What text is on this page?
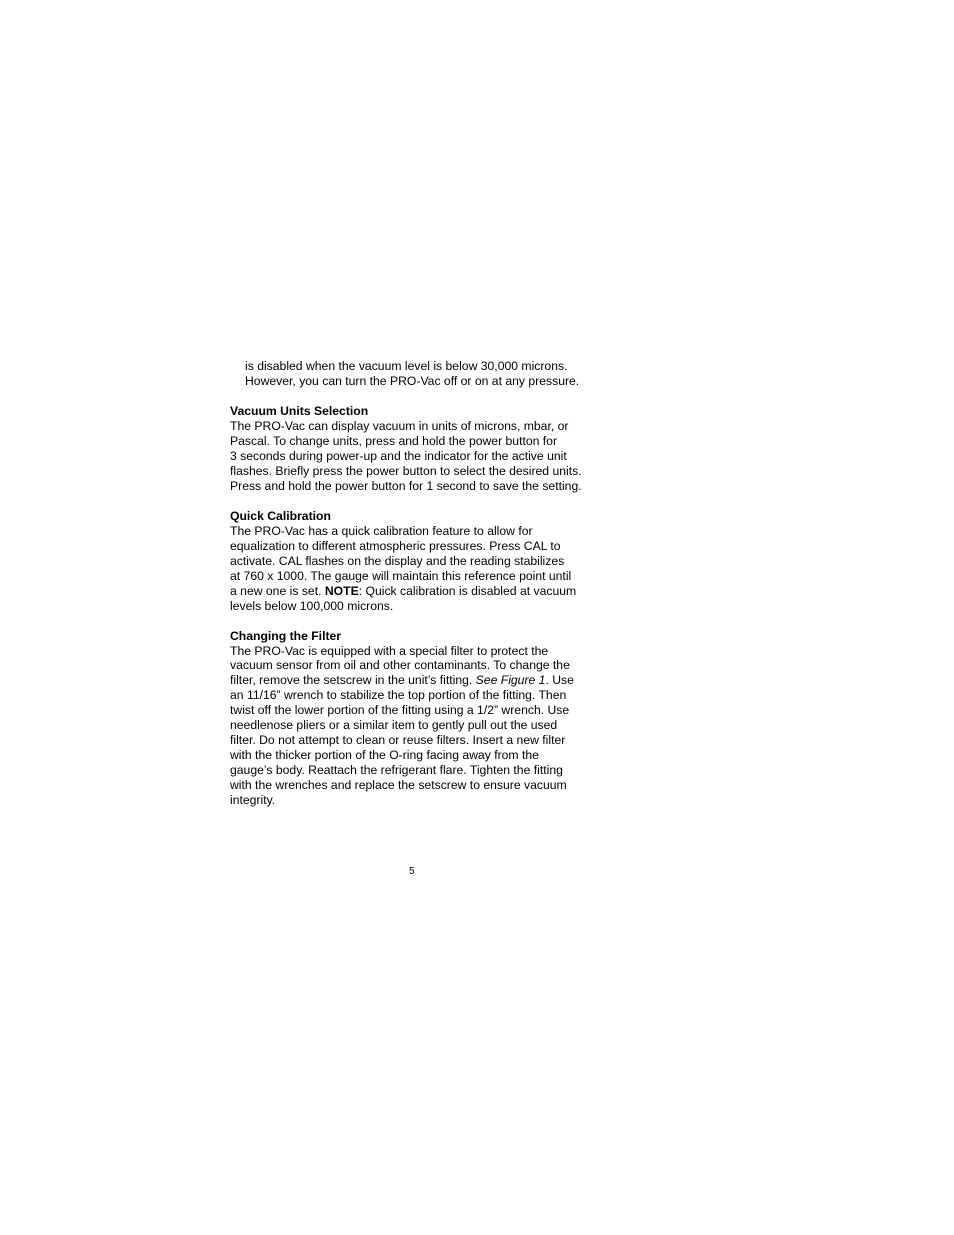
is disabled when the vacuum level is below 30,000 microns.
However, you can turn the PRO-Vac off or on at any pressure.
Vacuum Units Selection
The PRO-Vac can display vacuum in units of microns, mbar, or
Pascal. To change units, press and hold the power button for
3 seconds during power-up and the indicator for the active unit
flashes. Briefly press the power button to select the desired units.
Press and hold the power button for 1 second to save the setting.
Quick Calibration
The PRO-Vac has a quick calibration feature to allow for
equalization to different atmospheric pressures. Press CAL to
activate. CAL flashes on the display and the reading stabilizes
at 760 x 1000. The gauge will maintain this reference point until
a new one is set. NOTE: Quick calibration is disabled at vacuum
levels below 100,000 microns.
Changing the Filter
The PRO-Vac is equipped with a special filter to protect the
vacuum sensor from oil and other contaminants. To change the
filter, remove the setscrew in the unit’s fitting. See Figure 1. Use
an 11/16” wrench to stabilize the top portion of the fitting. Then
twist off the lower portion of the fitting using a 1/2” wrench. Use
needlenose pliers or a similar item to gently pull out the used
filter. Do not attempt to clean or reuse filters. Insert a new filter
with the thicker portion of the O-ring facing away from the
gauge’s body. Reattach the refrigerant flare. Tighten the fitting
with the wrenches and replace the setscrew to ensure vacuum
integrity.
5
